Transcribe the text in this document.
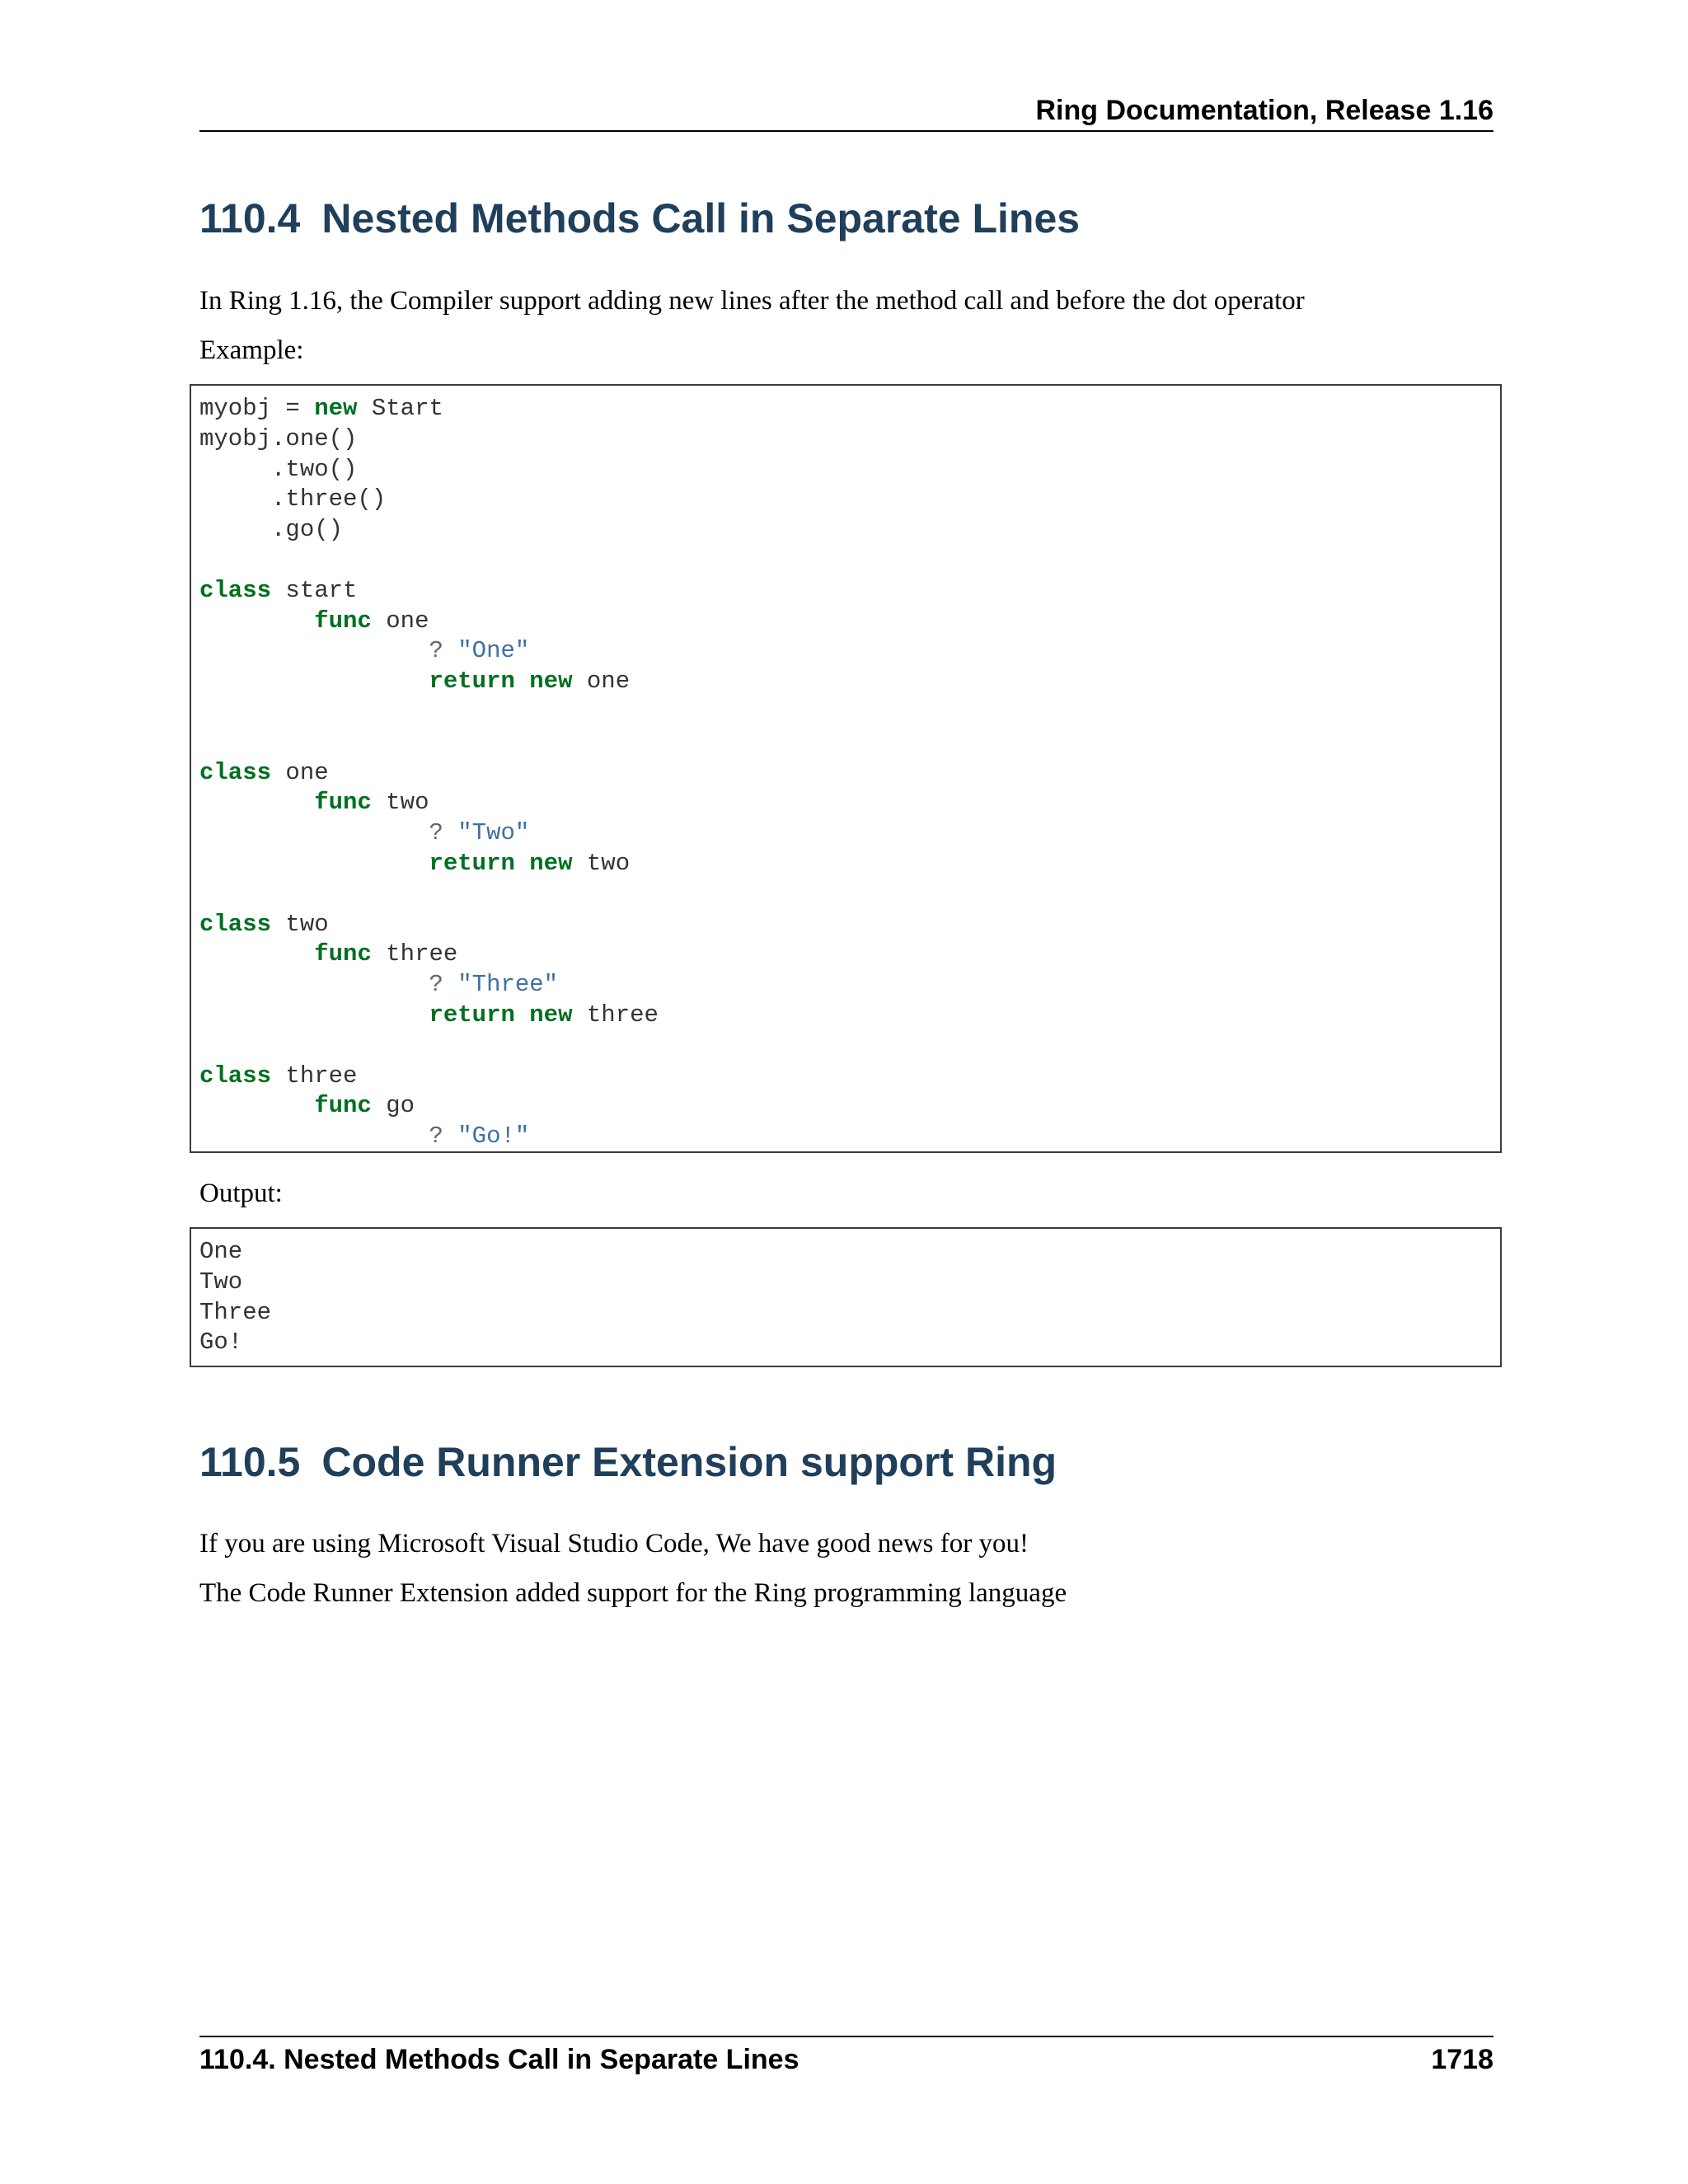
Ring Documentation, Release 1.16
110.4 Nested Methods Call in Separate Lines

In Ring 1.16, the Compiler support adding new lines after the method call and before the dot operator

Example:

myobj = new Start
myobj.one()
.two()
.three()
.go()

class start
func one
? "One"
return new one

class one
func two
? "Two"
return new two

class two
func three
? "Three"
return new three

class three
func go
? "Go!"

Output:

One
Two
Three
Go!
110.5 Code Runner Extension support Ring

If you are using Microsoft Visual Studio Code, We have good news for you!

The Code Runner Extension added support for the Ring programming language

110.4. Nested Methods Call in Separate Lines	1718
